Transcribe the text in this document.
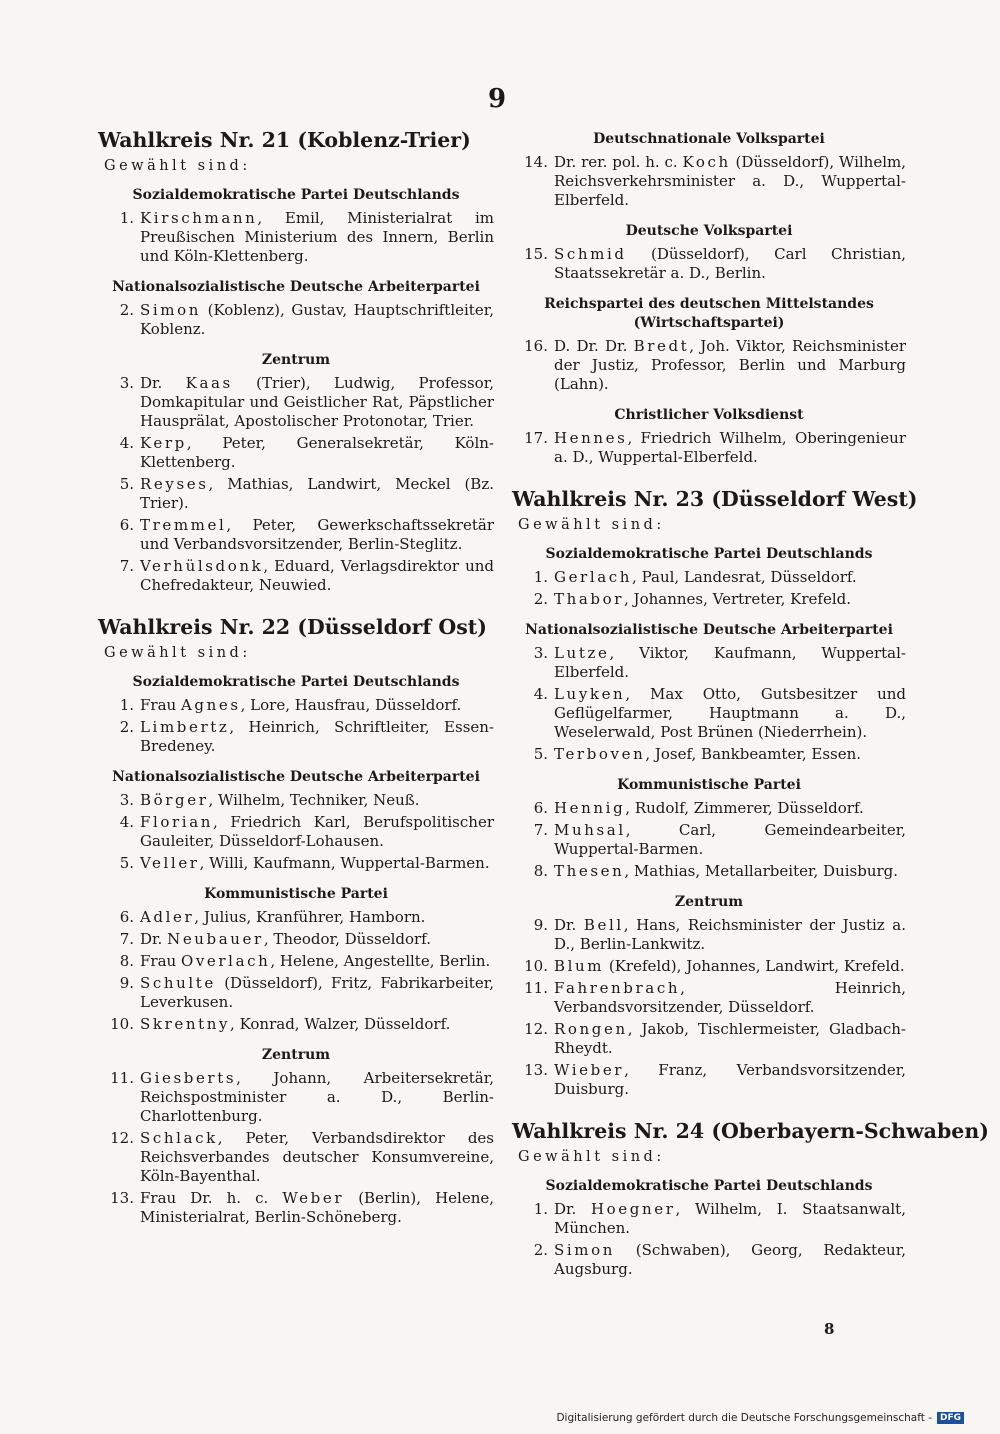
9
Wahlkreis Nr. 21 (Koblenz-Trier)
Gewählt sind:
Sozialdemokratische Partei Deutschlands
1. Kirschmann, Emil, Ministerialrat im Preußischen Ministerium des Innern, Berlin und Köln-Klettenberg.
Nationalsozialistische Deutsche Arbeiterpartei
2. Simon (Koblenz), Gustav, Hauptschriftleiter, Koblenz.
Zentrum
3. Dr. Kaas (Trier), Ludwig, Professor, Domkapitular und Geistlicher Rat, Päpstlicher Hausprälat, Apostolischer Protonotar, Trier.
4. Kerp, Peter, Generalsekretär, Köln-Klettenberg.
5. Reyses, Mathias, Landwirt, Meckel (Bz. Trier).
6. Tremmel, Peter, Gewerkschaftssekretär und Verbandsvorsitzender, Berlin-Steglitz.
7. Verhülsdonk, Eduard, Verlagsdirektor und Chefredakteur, Neuwied.
Wahlkreis Nr. 22 (Düsseldorf Ost)
Gewählt sind:
Sozialdemokratische Partei Deutschlands
1. Frau Agnes, Lore, Hausfrau, Düsseldorf.
2. Limbertz, Heinrich, Schriftleiter, Essen-Bredeney.
Nationalsozialistische Deutsche Arbeiterpartei
3. Börger, Wilhelm, Techniker, Neuß.
4. Florian, Friedrich Karl, Berufspolitischer Gauleiter, Düsseldorf-Lohausen.
5. Veller, Willi, Kaufmann, Wuppertal-Barmen.
Kommunistische Partei
6. Adler, Julius, Kranführer, Hamborn.
7. Dr. Neubauer, Theodor, Düsseldorf.
8. Frau Overlach, Helene, Angestellte, Berlin.
9. Schulte (Düsseldorf), Fritz, Fabrikarbeiter, Leverkusen.
10. Skrentny, Konrad, Walzer, Düsseldorf.
Zentrum
11. Giesberts, Johann, Arbeitersekretär, Reichspostminister a. D., Berlin-Charlottenburg.
12. Schlack, Peter, Verbandsdirektor des Reichsverbandes deutscher Konsumvereine, Köln-Bayenthal.
13. Frau Dr. h. c. Weber (Berlin), Helene, Ministerialrat, Berlin-Schöneberg.
Deutschnationale Volkspartei
14. Dr. rer. pol. h. c. Koch (Düsseldorf), Wilhelm, Reichsverkehrsminister a. D., Wuppertal-Elberfeld.
Deutsche Volkspartei
15. Schmid (Düsseldorf), Carl Christian, Staatssekretär a. D., Berlin.
Reichspartei des deutschen Mittelstandes (Wirtschaftspartei)
16. D. Dr. Dr. Bredt, Joh. Viktor, Reichsminister der Justiz, Professor, Berlin und Marburg (Lahn).
Christlicher Volksdienst
17. Hennes, Friedrich Wilhelm, Oberingenieur a. D., Wuppertal-Elberfeld.
Wahlkreis Nr. 23 (Düsseldorf West)
Gewählt sind:
Sozialdemokratische Partei Deutschlands
1. Gerlach, Paul, Landesrat, Düsseldorf.
2. Thabor, Johannes, Vertreter, Krefeld.
Nationalsozialistische Deutsche Arbeiterpartei
3. Lutze, Viktor, Kaufmann, Wuppertal-Elberfeld.
4. Luyken, Max Otto, Gutsbesitzer und Geflügelfarmer, Hauptmann a. D., Weselerwald, Post Brünen (Niederrhein).
5. Terboven, Josef, Bankbeamter, Essen.
Kommunistische Partei
6. Hennig, Rudolf, Zimmerer, Düsseldorf.
7. Muhsal, Carl, Gemeindearbeiter, Wuppertal-Barmen.
8. Thesen, Mathias, Metallarbeiter, Duisburg.
Zentrum
9. Dr. Bell, Hans, Reichsminister der Justiz a. D., Berlin-Lankwitz.
10. Blum (Krefeld), Johannes, Landwirt, Krefeld.
11. Fahrenbrach, Heinrich, Verbandsvorsitzender, Düsseldorf.
12. Rongen, Jakob, Tischlermeister, Gladbach-Rheydt.
13. Wieber, Franz, Verbandsvorsitzender, Duisburg.
Wahlkreis Nr. 24 (Oberbayern-Schwaben)
Gewählt sind:
Sozialdemokratische Partei Deutschlands
1. Dr. Hoegner, Wilhelm, I. Staatsanwalt, München.
2. Simon (Schwaben), Georg, Redakteur, Augsburg.
8
Digitalisierung gefördert durch die Deutsche Forschungsgemeinschaft - DFG
